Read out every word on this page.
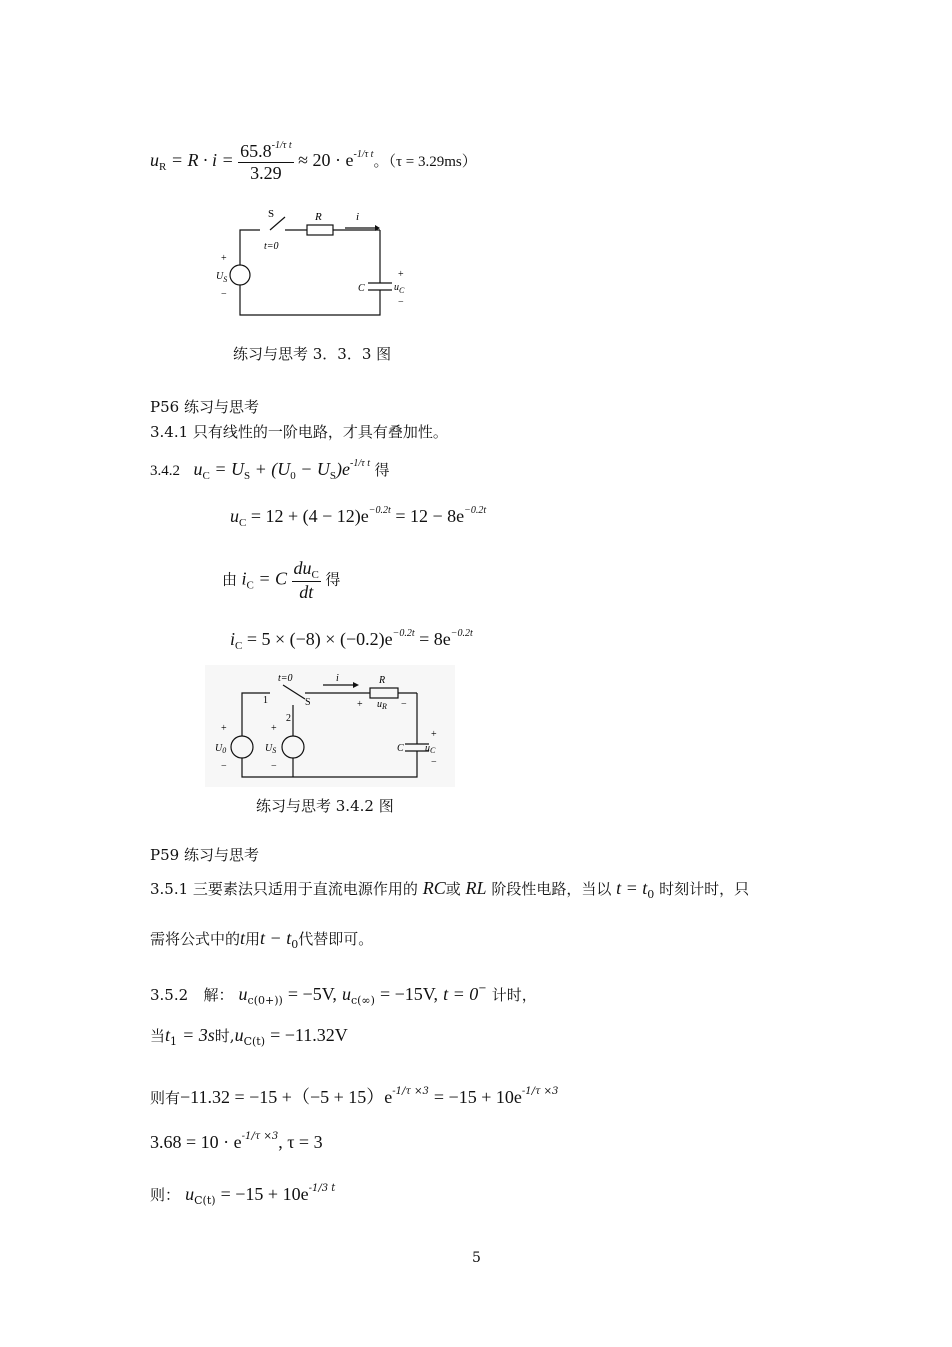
$u_R = R \cdot i = \frac{65.8^{-1/\tau t}}{3.29} \approx 20 \cdot e^{-1/\tau t}$。（τ = 3.29ms）
S	R	i
t=0
+
$U_S$
−
C
+
$u_C$
−
练习与思考 3．3．3 图
P56 练习与思考
3.4.1 只有线性的一阶电路，才具有叠加性。
3.4.2 $u_C = U_S + (U_0 - U_S)e^{-1/\tau t}$ 得
$u_C = 12 + (4 - 12)e^{-0.2t} = 12 - 8e^{-0.2t}$
由 $i_C = C \frac{du_C}{dt}$ 得
$i_C = 5 \times (-8) \times (-0.2)e^{-0.2t} = 8e^{-0.2t}$
t=0	i	R
1
2
S	+ $u_R$ −
+
$U_0$
−
+
$U_S$
−
C
+
$u_C$
−
练习与思考 3.4.2 图
P59 练习与思考
3.5.1 三要素法只适用于直流电源作用的 RC或 RL 阶段性电路，当以 $t = t_0$ 时刻计时，只
需将公式中的t用$t - t_0$代替即可。
3.5.2 解： $u_{c(0+))} = -5V$, $u_{c(\infty)} = -15V$, t = 0− 计时，
当$t_1 = 3s$时$,u_{C(t)} = -11.32V$
则有$-11.32 = -15 +(-5 + 15)e^{-1/\tau \times 3} = -15 + 10e^{-1/\tau \times 3}$
$3.68 = 10 \cdot e^{-1/\tau \times 3}$, τ = 3
则： $u_{C(t)} = -15 + 10e^{-1/3 t}$
5
